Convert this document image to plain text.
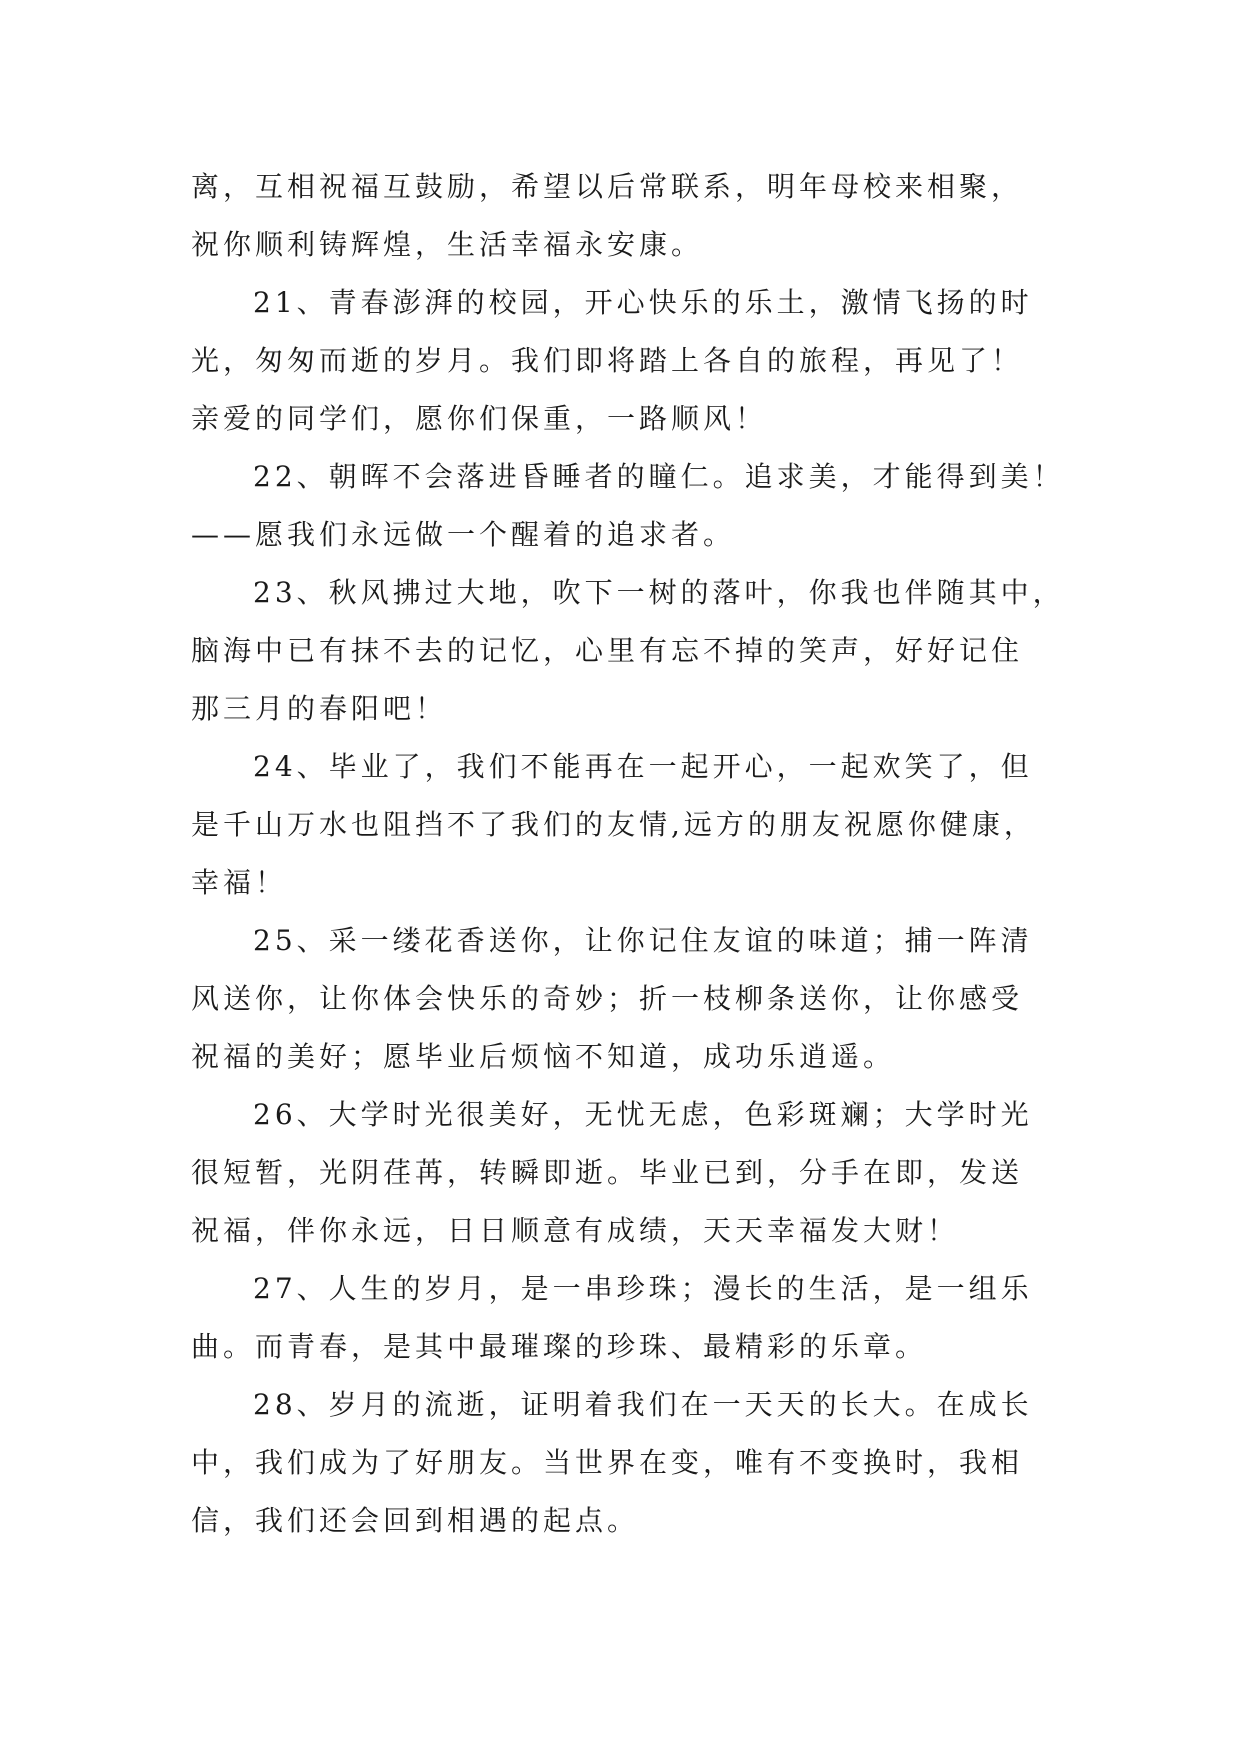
离，互相祝福互鼓励，希望以后常联系，明年母校来相聚，
祝你顺利铸辉煌，生活幸福永安康。

21、青春澎湃的校园，开心快乐的乐土，激情飞扬的时
光，匆匆而逝的岁月。我们即将踏上各自的旅程，再见了！
亲爱的同学们，愿你们保重，一路顺风！

22、朝晖不会落进昏睡者的瞳仁。追求美，才能得到美！
——愿我们永远做一个醒着的追求者。

23、秋风拂过大地，吹下一树的落叶，你我也伴随其中，
脑海中已有抹不去的记忆，心里有忘不掉的笑声，好好记住
那三月的春阳吧！

24、毕业了，我们不能再在一起开心，一起欢笑了，但
是千山万水也阻挡不了我们的友情,远方的朋友祝愿你健康，
幸福！

25、采一缕花香送你，让你记住友谊的味道；捕一阵清
风送你，让你体会快乐的奇妙；折一枝柳条送你，让你感受
祝福的美好；愿毕业后烦恼不知道，成功乐逍遥。

26、大学时光很美好，无忧无虑，色彩斑斓；大学时光
很短暂，光阴荏苒，转瞬即逝。毕业已到，分手在即，发送
祝福，伴你永远，日日顺意有成绩，天天幸福发大财！

27、人生的岁月，是一串珍珠；漫长的生活，是一组乐
曲。而青春，是其中最璀璨的珍珠、最精彩的乐章。

28、岁月的流逝，证明着我们在一天天的长大。在成长
中，我们成为了好朋友。当世界在变，唯有不变换时，我相
信，我们还会回到相遇的起点。
